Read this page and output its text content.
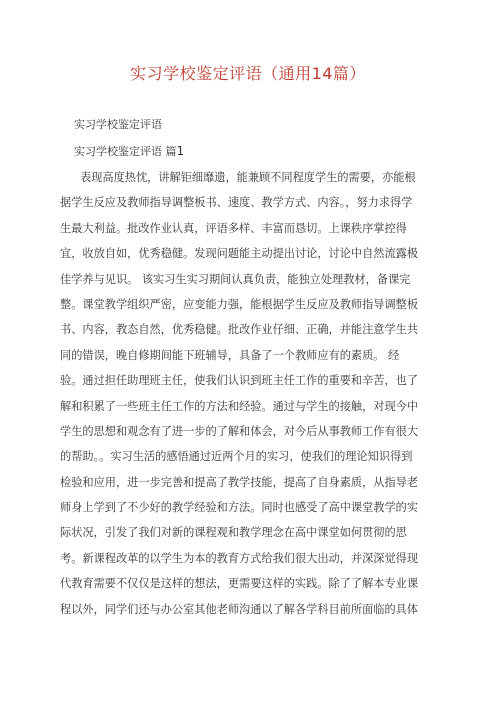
实习学校鉴定评语（通用14篇）
实习学校鉴定评语
实习学校鉴定评语 篇1
表现高度热忱，讲解钜细靡遗，能兼顾不同程度学生的需要，亦能根
据学生反应及教师指导调整板书、速度、教学方式、内容。，努力求得学
生最大利益。批改作业认真，评语多样、丰富而恳切。上课秩序掌控得
宜，收放自如，优秀稳健。发现问题能主动提出讨论，讨论中自然流露极
佳学养与见识。 该实习生实习期间认真负责，能独立处理教材，备课完
整。课堂教学组织严密，应变能力强，能根据学生反应及教师指导调整板
书、内容，教态自然，优秀稳健。批改作业仔细、正确，并能注意学生共
同的错误，晚自修期间能下班辅导，具备了一个教师应有的素质。 经
验。通过担任助理班主任，使我们认识到班主任工作的重要和辛苦，也了
解和积累了一些班主任工作的方法和经验。通过与学生的接触，对现今中
学生的思想和观念有了进一步的了解和体会，对今后从事教师工作有很大
的帮助。。实习生活的感悟通过近两个月的实习，使我们的理论知识得到
检验和应用，进一步完善和提高了教学技能，提高了自身素质，从指导老
师身上学到了不少好的教学经验和方法。同时也感受了高中课堂教学的实
际状况，引发了我们对新的课程观和教学理念在高中课堂如何贯彻的思
考。新课程改革的以学生为本的教育方式给我们很大出动，并深深觉得现
代教育需要不仅仅是这样的想法，更需要这样的实践。除了了解本专业课
程以外，同学们还与办公室其他老师沟通以了解各学科目前所面临的具体
